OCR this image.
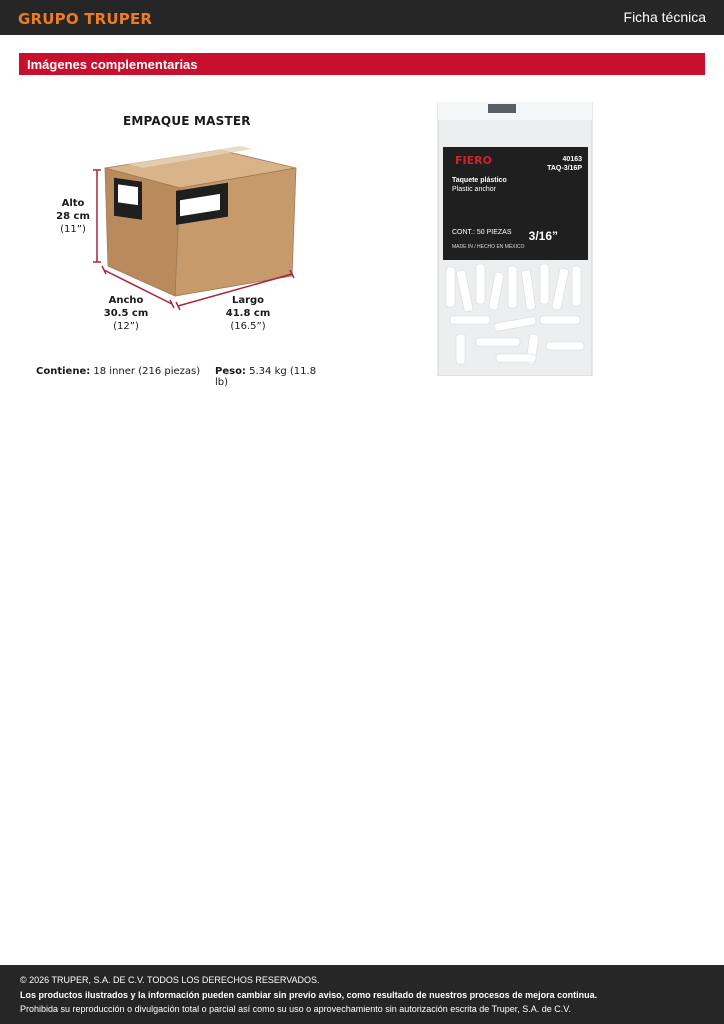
GRUPO TRUPER	Ficha técnica
Imágenes complementarias
EMPAQUE MASTER
Alto
28 cm
(11”)
Ancho
30.5 cm
(12”)
Largo
41.8 cm
(16.5”)
Contiene: 18 inner (216 piezas) Peso: 5.34 kg (11.8 lb)
FIERO	40163
TAQ-3/16P
Taquete plástico
Plastic anchor
CONT.: 50 PIEZAS 3/16”
MADE IN / HECHO EN MÉXICO
© 2026 TRUPER, S.A. DE C.V. TODOS LOS DERECHOS RESERVADOS.
Los productos ilustrados y la información pueden cambiar sin previo aviso, como resultado de nuestros procesos de mejora continua.
Prohibida su reproducción o divulgación total o parcial así como su uso o aprovechamiento sin autorización escrita de Truper, S.A. de C.V.
